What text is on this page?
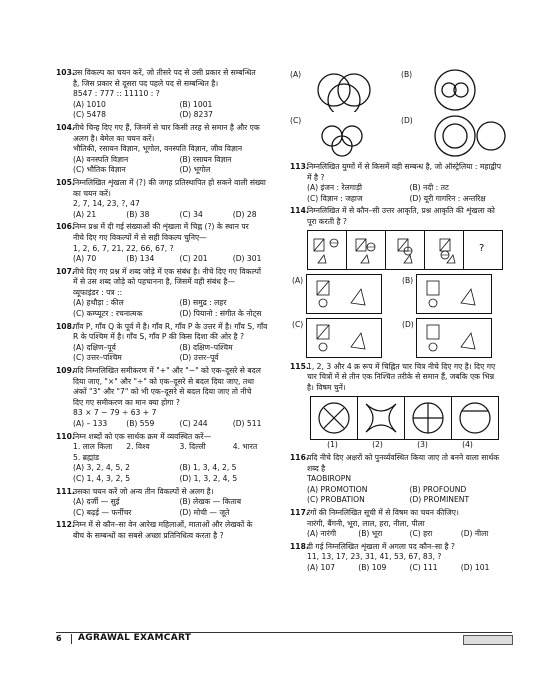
103.
उस विकल्प का चयन करें, जो तीसरे पद से उसी प्रकार से सम्बन्धित
है, जिस प्रकार से दूसरा पद पहले पद से सम्बन्धित है।
8547 : 777 :: 11110 : ?
(A) 1010	(B) 1001
(C) 5478	(D) 8237
104.
नीचे चिन्ह दिए गए हैं, जिनमें से चार किसी तरह से समान है और एक
अलग है। बेमेल का चयन करें।
भौतिकी, रसायन विज्ञान, भूगोल, वनस्पति विज्ञान, जीव विज्ञान
(A) वनस्पति विज्ञान	(B) रसायन विज्ञान
(C) भौतिक विज्ञान	(D) भूगोल
105.
निम्नलिखित शृंखला में (?) की जगह प्रतिस्थापित हो सकने वाली संख्या
का चयन करें।
2, 7, 14, 23, ?, 47
(A) 21	(B) 38	(C) 34	(D) 28
106.
निम्न प्रश्न में दी गई संख्याओं की शृंखला में चिह्न (?) के स्थान पर
नीचे दिए गए विकल्पों में से सही विकल्प चुनिए—
1, 2, 6, 7, 21, 22, 66, 67, ?
(A) 70	(B) 134	(C) 201	(D) 301
107.
नीचे दिए गए प्रश्न में शब्द जोड़े में एक संबंध है। नीचे दिए गए विकल्पों
में से उस शब्द जोड़े को पहचानना है, जिसमें वही संबंध है—
व्यूफाइंडर : पत्र ::
(A) हथौड़ा : कील	(B) समुद्र : लहर
(C) कम्प्यूटर : रचनात्मक	(D) पियानो : संगीत के नोट्स
108.
गाँव P, गाँव Q के पूर्व में है। गाँव R, गाँव P के उत्तर में है। गाँव S, गाँव
R के पश्चिम में है। गाँव S, गाँव P की किस दिशा की ओर है ?
(A) दक्षिण–पूर्व	(B) दक्षिण–पश्चिम
(C) उत्तर–पश्चिम	(D) उत्तर–पूर्व
109.
यदि निम्नलिखित समीकरण में "+" और "−" को एक–दूसरे से बदल
दिया जाए, "×" और "÷" को एक–दूसरे से बदल दिया जाए, तथा
अंकों "3" और "7" को भी एक–दूसरे से बदल दिया जाए तो नीचे
दिए गए समीकरण का मान क्या होगा ?
83 × 7 − 79 ÷ 63 + 7
(A) – 133	(B) 559	(C) 244	(D) 511
110.
निम्न शब्दों को एक सार्थक क्रम में व्यवस्थित करें—
1. लाल किला	2. विश्व	3. दिल्ली	4. भारत
5. ब्रह्मांड
(A) 3, 2, 4, 5, 2	(B) 1, 3, 4, 2, 5
(C) 1, 4, 3, 2, 5	(D) 1, 3, 2, 4, 5
111.
उसका चयन करें जो अन्य तीन विकल्पों से अलग है।
(A) दर्जी — सुई	(B) लेखक — किताब
(C) बढ़ई — फर्नीचर	(D) मोची — जूते
112.
निम्न में से कौन–सा वेन आरेख महिलाओं, माताओं और लेखकों के
बीच के सम्बन्धों का सबसे अच्छा प्रतिनिधित्व करता है ?
(A)	(B)
(C)	(D)
113.
निम्नलिखित युग्मों में से किसमें वही सम्बन्ध है, जो ऑस्ट्रेलिया : महाद्वीप
में है ?
(A) इंजन : रेलगाड़ी	(B) नदी : तट
(C) विज्ञान : जहाज	(D) यूरी गागरिन : अन्तरिक्ष
114.
निम्नलिखित में से कौन–सी उत्तर आकृति, प्रश्न आकृति की शृंखला को
पूरा करती है ?
?
(A)	(B)
(C)	(D)
115.
1, 2, 3 और 4 क्र रूप में चिह्नित चार चित्र नीचे दिए गए है। दिए गए
चार चित्रों में से तीन एक निश्चित तरीके से समान हैं, जबकि एक भिन्न
है। विषम चुनें।
(1)	(2)	(3)	(4)
116.
यदि नीचे दिए अक्षरों को पुनर्व्यवस्थित किया जाए तो बनने वाला सार्थक
शब्द है
TAOBIROPN
(A) PROMOTION	(B) PROFOUND
(C) PROBATION	(D) PROMINENT
117.
रंगों की निम्नलिखित सूची में से विषम का चयन कीजिए।
नारंगी, बैंगनी, भूरा, लाल, हरा, नीला, पीला
(A) नारंगी	(B) भूरा	(C) हरा	(D) नीला
118.
दी गई निम्नलिखित शृंखला में अगला पद कौन–सा है ?
11, 13, 17, 23, 31, 41, 53, 67, 83, ?
(A) 107	(B) 109	(C) 111	(D) 101
6 AGRAWAL EXAMCART
